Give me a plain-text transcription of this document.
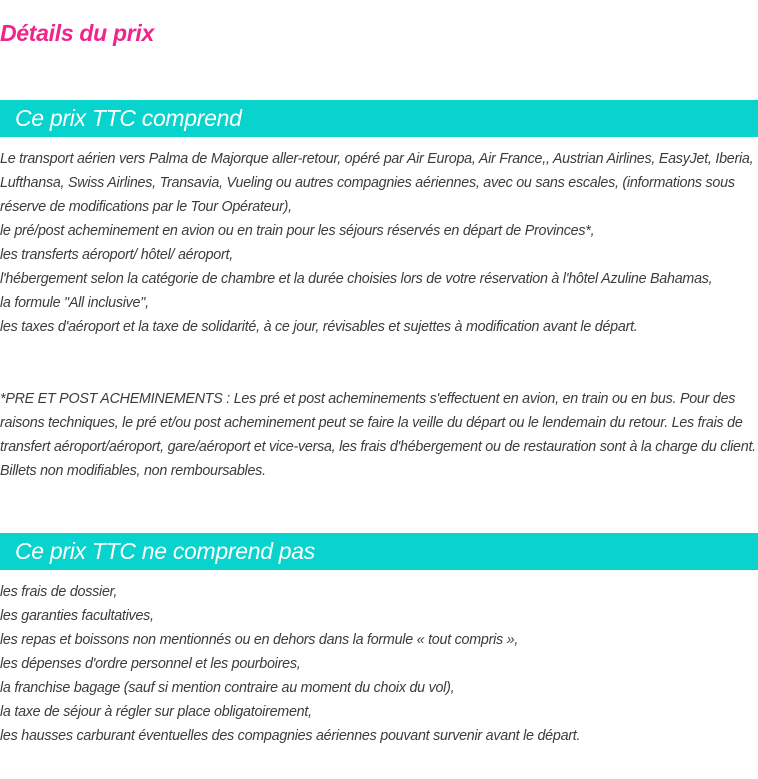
Détails du prix
Ce prix TTC comprend
Le transport aérien vers Palma de Majorque aller-retour, opéré par Air Europa, Air France,, Austrian Airlines, EasyJet, Iberia, Lufthansa, Swiss Airlines, Transavia, Vueling ou autres compagnies aériennes, avec ou sans escales, (informations sous réserve de modifications par le Tour Opérateur),
le pré/post acheminement en avion ou en train pour les séjours réservés en départ de Provinces*,
les transferts aéroport/ hôtel/ aéroport,
l'hébergement selon la catégorie de chambre et la durée choisies lors de votre réservation à l'hôtel Azuline Bahamas,
la formule "All inclusive",
les taxes d'aéroport et la taxe de solidarité, à ce jour, révisables et sujettes à modification avant le départ.

*PRE ET POST ACHEMINEMENTS : Les pré et post acheminements s'effectuent en avion, en train ou en bus. Pour des raisons techniques, le pré et/ou post acheminement peut se faire la veille du départ ou le lendemain du retour. Les frais de transfert aéroport/aéroport, gare/aéroport et vice-versa, les frais d'hébergement ou de restauration sont à la charge du client. Billets non modifiables, non remboursables.

Ce prix TTC ne comprend pas
les frais de dossier,
les garanties facultatives,
les repas et boissons non mentionnés ou en dehors dans la formule « tout compris »,
les dépenses d'ordre personnel et les pourboires,
la franchise bagage (sauf si mention contraire au moment du choix du vol),
la taxe de séjour à régler sur place obligatoirement,
les hausses carburant éventuelles des compagnies aériennes pouvant survenir avant le départ.
